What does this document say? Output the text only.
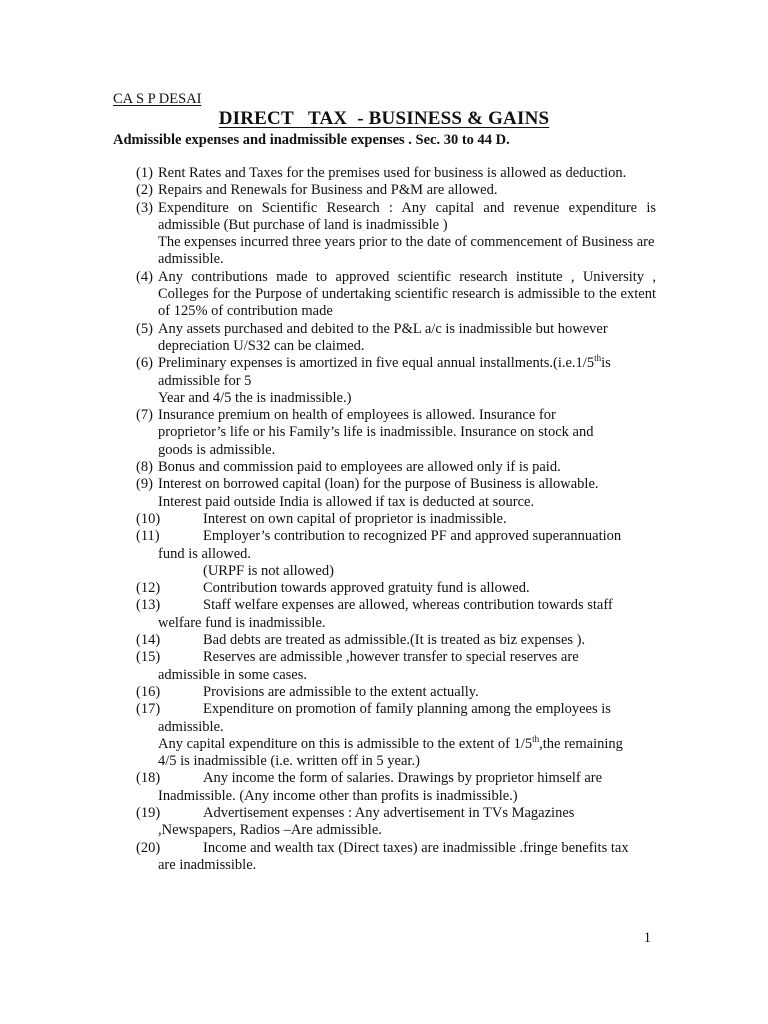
CA S P DESAI
DIRECT   TAX  - BUSINESS & GAINS
Admissible expenses and inadmissible expenses . Sec. 30 to 44 D.
(1) Rent Rates and Taxes for the premises used for business is allowed as deduction.
(2) Repairs and Renewals for Business and P&M are allowed.
(3) Expenditure on Scientific Research : Any capital and revenue expenditure is admissible (But purchase of land is inadmissible )
The expenses incurred three years prior to the date of commencement of Business are admissible.
(4) Any contributions made to approved scientific research institute , University , Colleges for the Purpose of undertaking scientific research is admissible to the extent of 125% of contribution made
(5) Any assets purchased and debited to the P&L a/c is inadmissible but however depreciation U/S32 can be claimed.
(6) Preliminary expenses is amortized in five equal annual installments.(i.e.1/5this admissible for 5
Year and 4/5 the is inadmissible.)
(7) Insurance premium on health of employees is allowed. Insurance for proprietor’s life or his Family’s life is inadmissible. Insurance on stock and goods is admissible.
(8) Bonus and commission paid to employees are allowed only if is paid.
(9) Interest on borrowed capital (loan) for the purpose of Business is allowable.
Interest paid outside India is allowed if tax is deducted at source.
(10)	Interest on own capital of proprietor is inadmissible.
(11)	Employer’s contribution to recognized PF and approved superannuation
fund is allowed.
(URPF is not allowed)
(12)	Contribution towards approved gratuity fund is allowed.
(13)	Staff welfare expenses are allowed, whereas contribution towards staff
welfare fund is inadmissible.
(14)	Bad debts are treated as admissible.(It is treated as biz expenses ).
(15)	Reserves are admissible ,however transfer to special reserves are
admissible in some cases.
(16)	Provisions are admissible to the extent actually.
(17)	Expenditure on promotion of family planning among the employees is
admissible.
Any capital expenditure on this is admissible to the extent of 1/5th,the remaining
4/5 is inadmissible (i.e. written off in 5 year.)
(18)	Any income the form of salaries. Drawings by proprietor himself are
Inadmissible. (Any income other than profits is inadmissible.)
(19)	Advertisement expenses : Any advertisement in TVs Magazines
,Newspapers, Radios –Are admissible.
(20)	Income and wealth tax (Direct taxes) are inadmissible .fringe benefits tax
are inadmissible.
1
